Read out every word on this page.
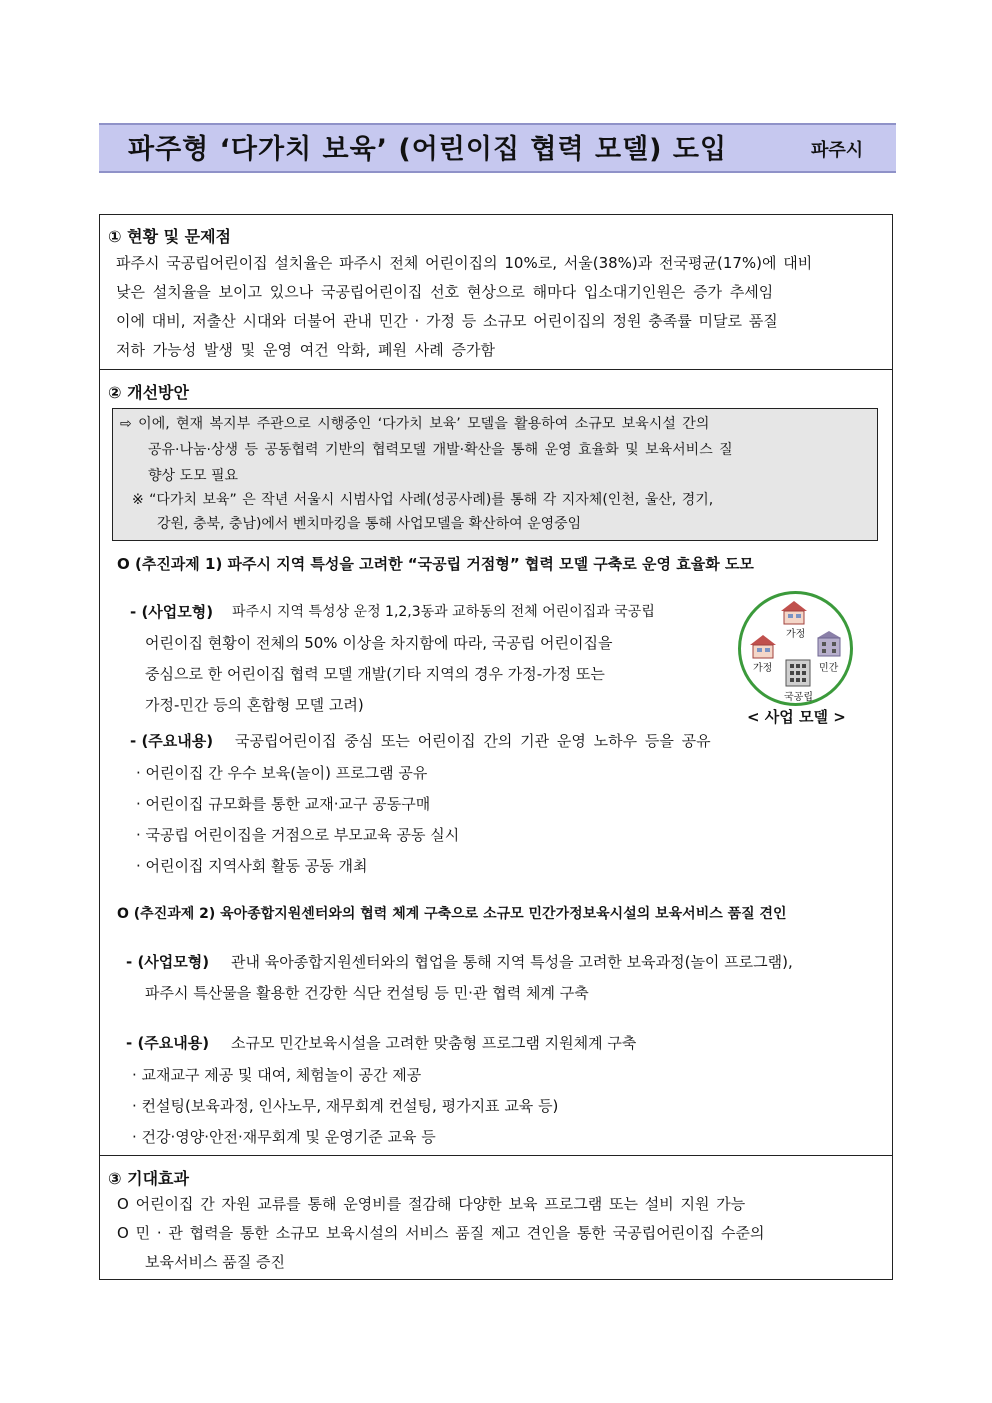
파주형 ‘다가치 보육’ (어린이집 협력 모델) 도입	파주시
① 현황 및 문제점
파주시 국공립어린이집 설치율은 파주시 전체 어린이집의 10%로, 서울(38%)과 전국평균(17%)에 대비
낮은 설치율을 보이고 있으나 국공립어린이집 선호 현상으로 해마다 입소대기인원은 증가 추세임
이에 대비, 저출산 시대와 더불어 관내 민간 · 가정 등 소규모 어린이집의 정원 충족률 미달로 품질
저하 가능성 발생 및 운영 여건 악화, 폐원 사례 증가함
② 개선방안
⇨ 이에, 현재 복지부 주관으로 시행중인 ‘다가치 보육’ 모델을 활용하여 소규모 보육시설 간의
공유·나눔·상생 등 공동협력 기반의 협력모델 개발·확산을 통해 운영 효율화 및 보육서비스 질
향상 도모 필요
※ “다가치 보육” 은 작년 서울시 시범사업 사례(성공사례)를 통해 각 지자체(인천, 울산, 경기,
강원, 충북, 충남)에서 벤치마킹을 통해 사업모델을 확산하여 운영중임
O (추진과제 1) 파주시 지역 특성을 고려한 “국공립 거점형” 협력 모델 구축로 운영 효율화 도모
- (사업모형) 파주시 지역 특성상 운정 1,2,3동과 교하동의 전체 어린이집과 국공립
어린이집 현황이 전체의 50% 이상을 차지함에 따라, 국공립 어린이집을
중심으로 한 어린이집 협력 모델 개발(기타 지역의 경우 가정-가정 또는
가정-민간 등의 혼합형 모델 고려)
가정
가정	민간
국공립
< 사업 모델 >
- (주요내용) 국공립어린이집 중심 또는 어린이집 간의 기관 운영 노하우 등을 공유
· 어린이집 간 우수 보육(놀이) 프로그램 공유
· 어린이집 규모화를 통한 교재·교구 공동구매
· 국공립 어린이집을 거점으로 부모교육 공동 실시
· 어린이집 지역사회 활동 공동 개최
O (추진과제 2) 육아종합지원센터와의 협력 체계 구축으로 소규모 민간가정보육시설의 보육서비스 품질 견인
- (사업모형) 관내 육아종합지원센터와의 협업을 통해 지역 특성을 고려한 보육과정(놀이 프로그램),
파주시 특산물을 활용한 건강한 식단 컨설팅 등 민·관 협력 체계 구축
- (주요내용) 소규모 민간보육시설을 고려한 맞춤형 프로그램 지원체계 구축
· 교재교구 제공 및 대여, 체험놀이 공간 제공
· 컨설팅(보육과정, 인사노무, 재무회계 컨설팅, 평가지표 교육 등)
· 건강·영양·안전·재무회계 및 운영기준 교육 등
③ 기대효과
O 어린이집 간 자원 교류를 통해 운영비를 절감해 다양한 보육 프로그램 또는 설비 지원 가능
O 민 · 관 협력을 통한 소규모 보육시설의 서비스 품질 제고 견인을 통한 국공립어린이집 수준의
보육서비스 품질 증진
